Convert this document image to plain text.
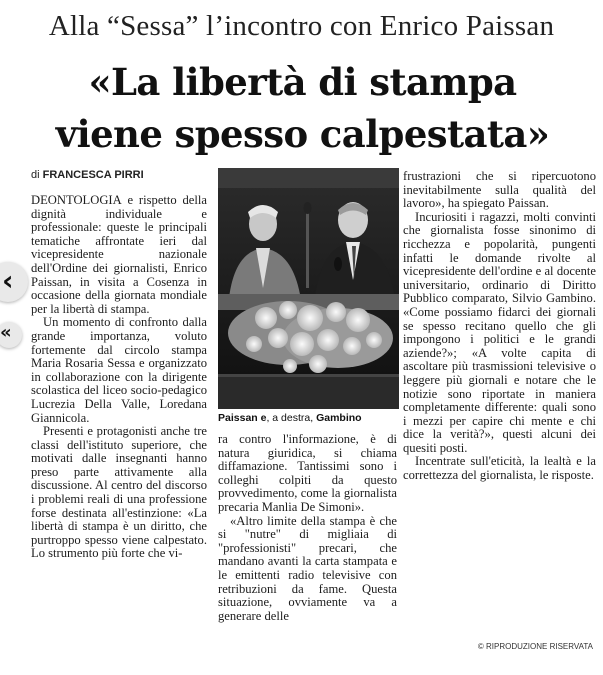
Alla “Sessa” l’incontro con Enrico Paissan
«La libertà di stampa
viene spesso calpestata»
di FRANCESCA PIRRI

DEONTOLOGIA e rispetto della dignità individuale e professionale: queste le principali tematiche affrontate ieri dal vicepresidente nazionale dell'Ordine dei giornalisti, Enrico Paissan, in visita a Cosenza in occasione della giornata mondiale per la libertà di stampa.

Un momento di confronto dalla grande importanza, voluto fortemente dal circolo stampa Maria Rosaria Sessa e organizzato in collaborazione con la dirigente scolastica del liceo socio-pedagico Lucrezia Della Valle, Loredana Giannicola.

Presenti e protagonisti anche tre classi dell'istituto superiore, che motivati dalle insegnanti hanno preso parte attivamente alla discussione. Al centro del discorso i problemi reali di una professione forse destinata all'estinzione: «La libertà di stampa è un diritto, che purtroppo spesso viene calpestato. Lo strumento più forte che vi-

Paissan e, a destra, Gambino

ra contro l'informazione, è di natura giuridica, si chiama diffamazione. Tantissimi sono i colleghi colpiti da questo provvedimento, come la giornalista precaria Manlia De Simoni».

«Altro limite della stampa è che si "nutre" di migliaia di "professionisti" precari, che mandano avanti la carta stampata e le emittenti radio televisive con retribuzioni da fame. Questa situazione, ovviamente va a generare delle

frustrazioni che si ripercuotono inevitabilmente sulla qualità del lavoro», ha spiegato Paissan.

Incuriositi i ragazzi, molti convinti che giornalista fosse sinonimo di ricchezza e popolarità, pungenti infatti le domande rivolte al vicepresidente dell'ordine e al docente universitario, ordinario di Diritto Pubblico comparato, Silvio Gambino. «Come possiamo fidarci dei giornali se spesso recitano quello che gli impongono i politici e le grandi aziende?»; «A volte capita di ascoltare più trasmissioni televisive o leggere più giornali e notare che le notizie sono riportate in maniera completamente differente: quali sono i mezzi per capire chi mente e chi dice la verità?», questi alcuni dei quesiti posti.

Incentrate sull'eticità, la lealtà e la correttezza del giornalista, le risposte.

© RIPRODUZIONE RISERVATA
‹
«
